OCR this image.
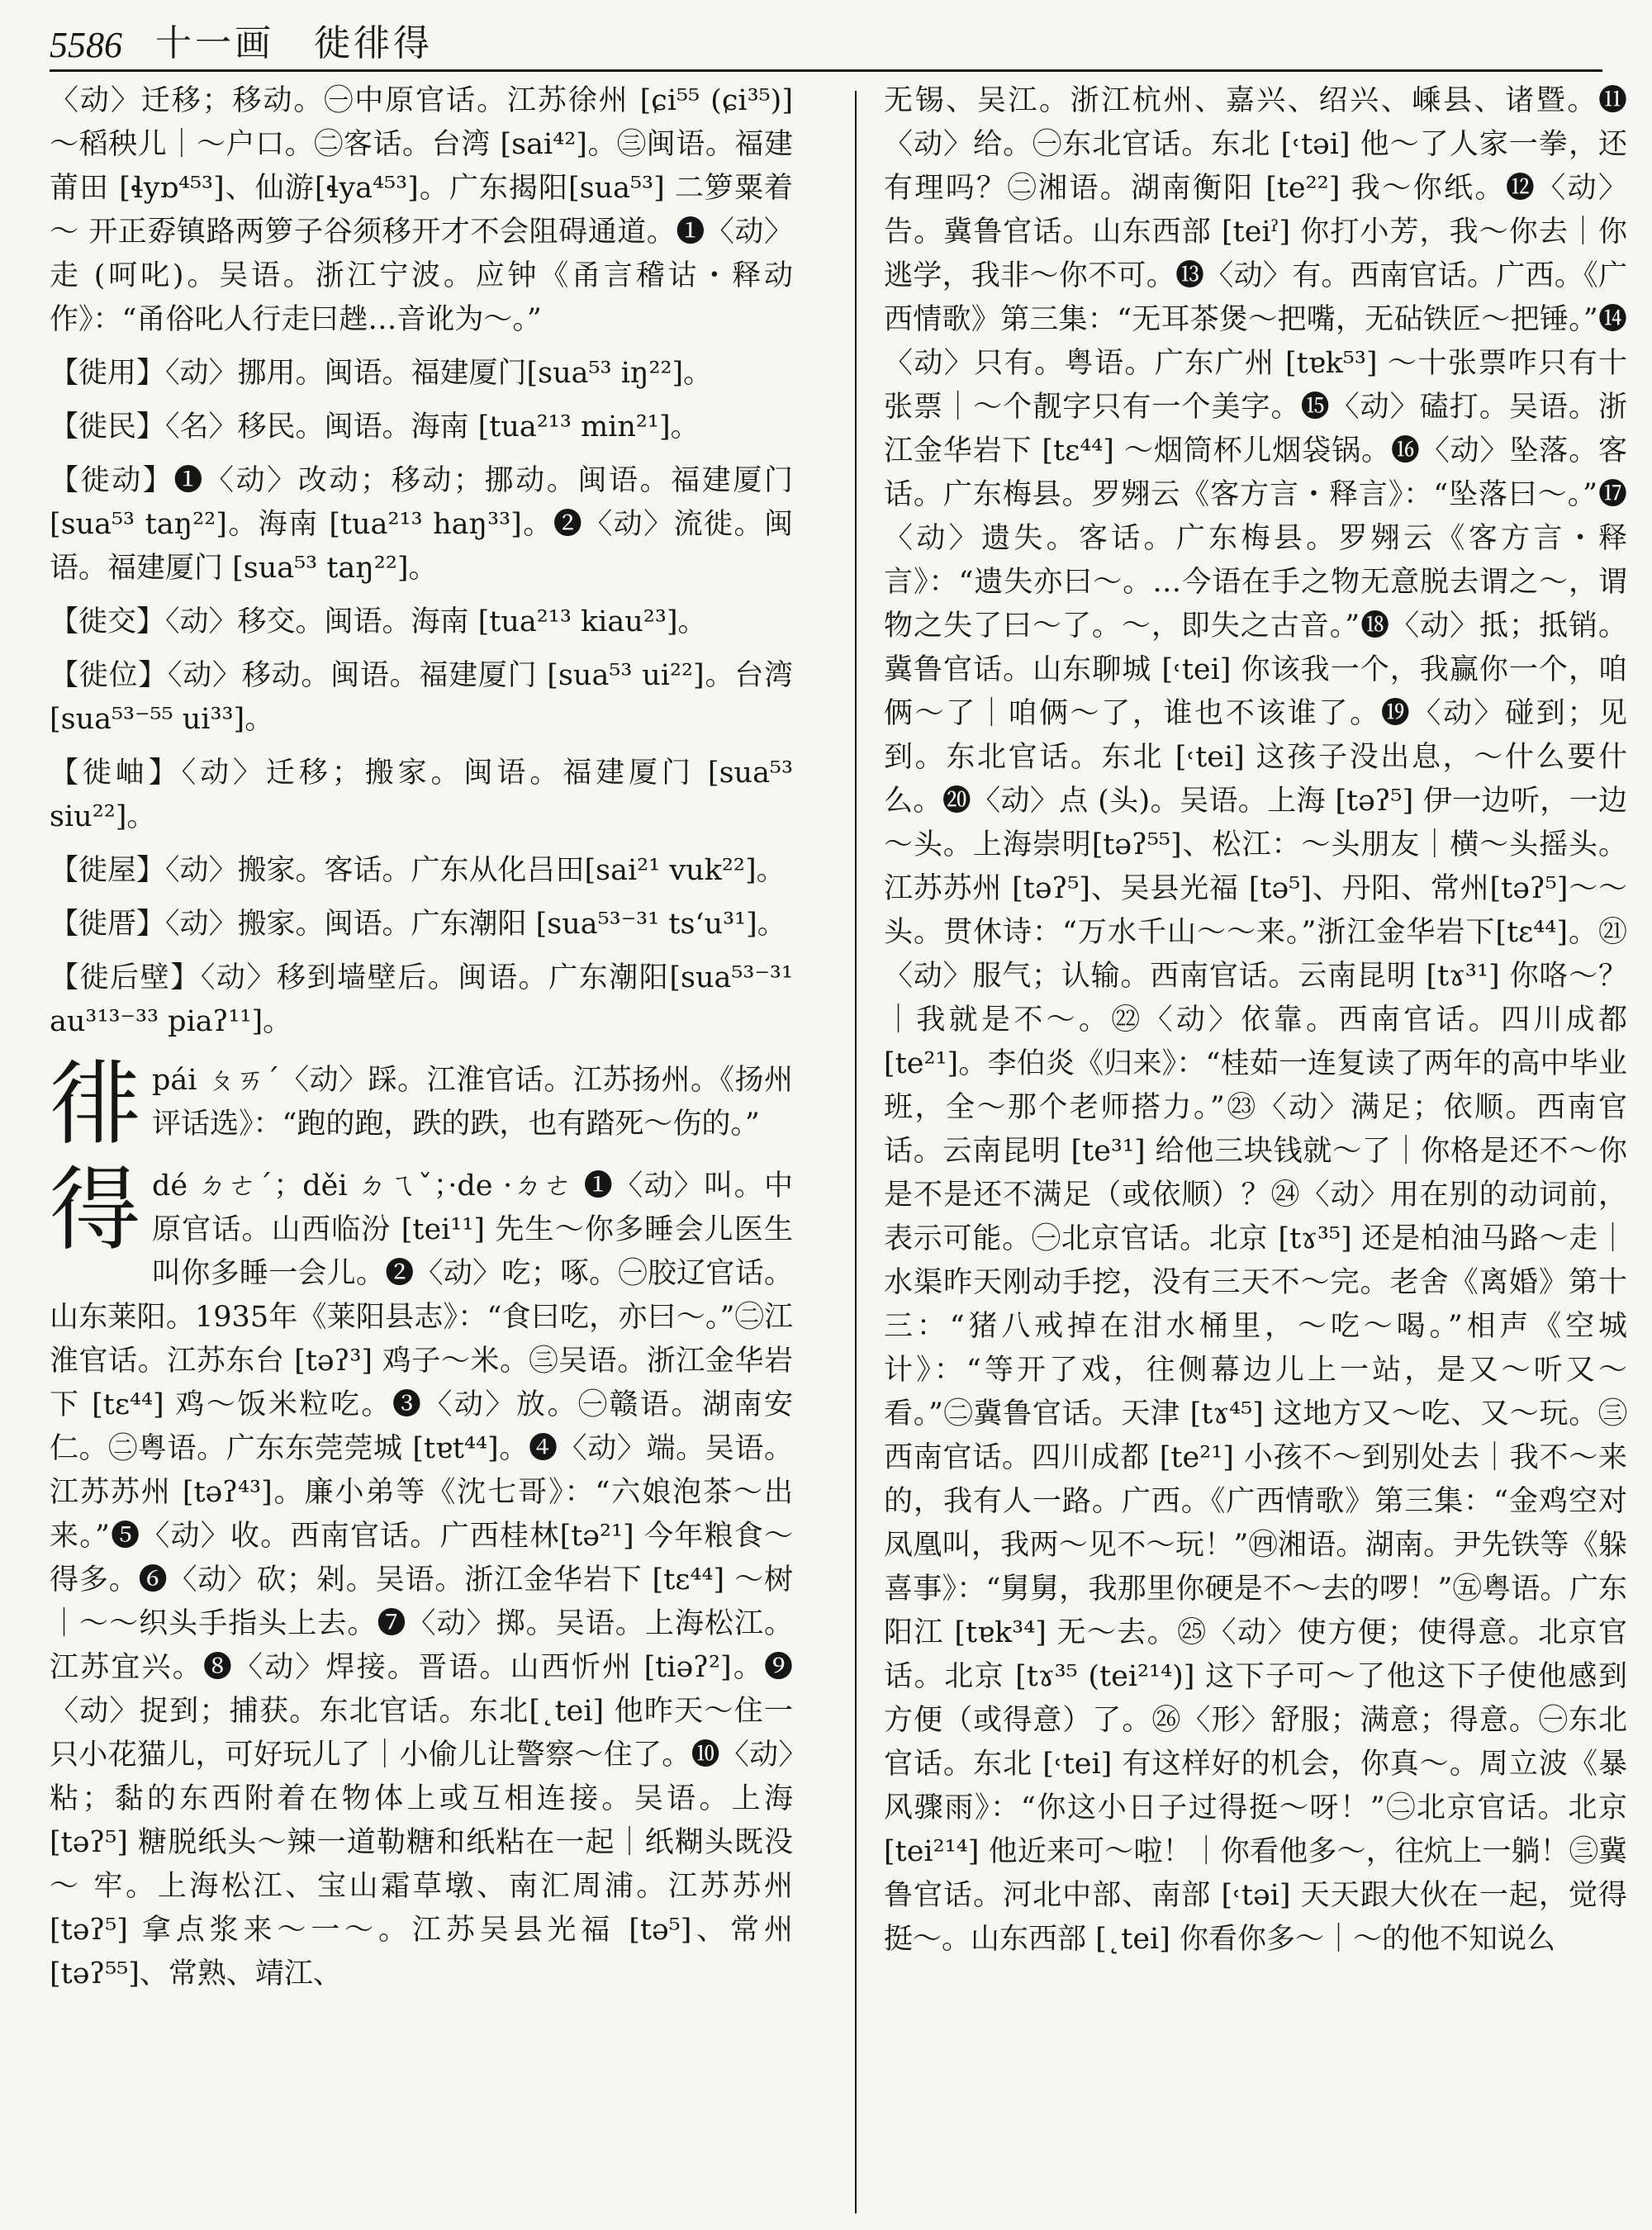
5586 十一画　徙徘得
〈动〉迁移；移动。㊀中原官话。江苏徐州 [ɕi⁵⁵ (ɕi³⁵)] ～稻秧儿｜～户口。㊁客话。台湾 [sai⁴²]。㊂闽语。福建莆田 [ɬyɒ⁴⁵³]、仙游[ɬya⁴⁵³]。广东揭阳[sua⁵³] 二箩粟着～ 开正孬镇路两箩子谷须移开才不会阻碍通道。❶〈动〉走 (呵叱)。吴语。浙江宁波。应钟《甬言稽诂・释动作》：“甬俗叱人行走曰趖…音讹为～。”
【徙用】〈动〉挪用。闽语。福建厦门[sua⁵³ iŋ²²]。
【徙民】〈名〉移民。闽语。海南 [tua²¹³ min²¹]。
【徙动】❶〈动〉改动；移动；挪动。闽语。福建厦门 [sua⁵³ taŋ²²]。海南 [tua²¹³ haŋ³³]。❷〈动〉流徙。闽语。福建厦门 [sua⁵³ taŋ²²]。
【徙交】〈动〉移交。闽语。海南 [tua²¹³ kiau²³]。
【徙位】〈动〉移动。闽语。福建厦门 [sua⁵³ ui²²]。台湾 [sua⁵³⁻⁵⁵ ui³³]。
【徙岫】〈动〉迁移；搬家。闽语。福建厦门 [sua⁵³ siu²²]。
【徙屋】〈动〉搬家。客话。广东从化吕田[sai²¹ vuk²²]。
【徙厝】〈动〉搬家。闽语。广东潮阳 [sua⁵³⁻³¹ tsʻu³¹]。
【徙后壁】〈动〉移到墙壁后。闽语。广东潮阳[sua⁵³⁻³¹ au³¹³⁻³³ piaʔ¹¹]。
徘pái ㄆㄞˊ〈动〉踩。江淮官话。江苏扬州。《扬州评话选》：“跑的跑，跌的跌，也有踏死～伤的。”
得dé ㄉㄜˊ；děi ㄉㄟˇ；·de ·ㄉㄜ ❶〈动〉叫。中原官话。山西临汾 [tei¹¹] 先生～你多睡会儿医生叫你多睡一会儿。❷〈动〉吃；啄。㊀胶辽官话。山东莱阳。1935年《莱阳县志》：“食曰吃，亦曰～。”㊁江淮官话。江苏东台 [təʔ³] 鸡子～米。㊂吴语。浙江金华岩下 [tɛ⁴⁴] 鸡～饭米粒吃。❸〈动〉放。㊀赣语。湖南安仁。㊁粤语。广东东莞莞城 [tɐt⁴⁴]。❹〈动〉端。吴语。江苏苏州 [təʔ⁴³]。廉小弟等《沈七哥》：“六娘泡茶～出来。”❺〈动〉收。西南官话。广西桂林[tə²¹] 今年粮食～得多。❻〈动〉砍；剁。吴语。浙江金华岩下 [tɛ⁴⁴] ～树｜～～织头手指头上去。❼〈动〉掷。吴语。上海松江。江苏宜兴。❽〈动〉焊接。晋语。山西忻州 [tiəʔ²]。❾〈动〉捉到；捕获。东北官话。东北[˛tei] 他昨天～住一只小花猫儿，可好玩儿了｜小偷儿让警察～住了。❿〈动〉粘；黏的东西附着在物体上或互相连接。吴语。上海 [təʔ⁵] 糖脱纸头～辣一道勒糖和纸粘在一起｜纸糊头既没 ～ 牢。上海松江、宝山霜草墩、南汇周浦。江苏苏州 [təʔ⁵] 拿点浆来～一～。江苏吴县光福 [tə⁵]、常州 [təʔ⁵⁵]、常熟、靖江、
无锡、吴江。浙江杭州、嘉兴、绍兴、嵊县、诸暨。⓫〈动〉给。㊀东北官话。东北 [˓təi] 他～了人家一拳，还有理吗？㊁湘语。湖南衡阳 [te²²] 我～你纸。⓬〈动〉告。冀鲁官话。山东西部 [teiˀ] 你打小芳，我～你去｜你逃学，我非～你不可。⓭〈动〉有。西南官话。广西。《广西情歌》第三集：“无耳茶煲～把嘴，无砧铁匠～把锤。”⓮〈动〉只有。粤语。广东广州 [tɐk⁵³] ～十张票咋只有十张票｜～个靓字只有一个美字。⓯〈动〉磕打。吴语。浙江金华岩下 [tɛ⁴⁴] ～烟筒杯儿烟袋锅。⓰〈动〉坠落。客话。广东梅县。罗翙云《客方言・释言》：“坠落曰～。”⓱〈动〉遗失。客话。广东梅县。罗翙云《客方言・释言》：“遗失亦曰～。…今语在手之物无意脱去谓之～，谓物之失了曰～了。～，即失之古音。”⓲〈动〉抵；抵销。冀鲁官话。山东聊城 [˓tei] 你该我一个，我赢你一个，咱俩～了｜咱俩～了，谁也不该谁了。⓳〈动〉碰到；见到。东北官话。东北 [˓tei] 这孩子没出息，～什么要什么。⓴〈动〉点 (头)。吴语。上海 [təʔ⁵] 伊一边听，一边～头。上海崇明[təʔ⁵⁵]、松江：～头朋友｜横～头摇头。江苏苏州 [təʔ⁵]、吴县光福 [tə⁵]、丹阳、常州[təʔ⁵]～～头。贯休诗：“万水千山～～来。”浙江金华岩下[tɛ⁴⁴]。㉑〈动〉服气；认输。西南官话。云南昆明 [tɤ³¹] 你咯～？｜我就是不～。㉒〈动〉依靠。西南官话。四川成都 [te²¹]。李伯炎《归来》：“桂茹一连复读了两年的高中毕业班，全～那个老师搭力。”㉓〈动〉满足；依顺。西南官话。云南昆明 [te³¹] 给他三块钱就～了｜你格是还不～你是不是还不满足（或依顺）？㉔〈动〉用在别的动词前，表示可能。㊀北京官话。北京 [tɤ³⁵] 还是柏油马路～走｜水渠昨天刚动手挖，没有三天不～完。老舍《离婚》第十三：“猪八戒掉在泔水桶里，～吃～喝。”相声《空城计》：“等开了戏，往侧幕边儿上一站，是又～听又～看。”㊁冀鲁官话。天津 [tɤ⁴⁵] 这地方又～吃、又～玩。㊂西南官话。四川成都 [te²¹] 小孩不～到别处去｜我不～来的，我有人一路。广西。《广西情歌》第三集：“金鸡空对凤凰叫，我两～见不～玩！”㊃湘语。湖南。尹先铁等《躲喜事》：“舅舅，我那里你硬是不～去的啰！”㊄粤语。广东阳江 [tɐk³⁴] 无～去。㉕〈动〉使方便；使得意。北京官话。北京 [tɤ³⁵ (tei²¹⁴)] 这下子可～了他这下子使他感到方便（或得意）了。㉖〈形〉舒服；满意；得意。㊀东北官话。东北 [˓tei] 有这样好的机会，你真～。周立波《暴风骤雨》：“你这小日子过得挺～呀！”㊁北京官话。北京 [tei²¹⁴] 他近来可～啦！｜你看他多～，往炕上一躺！㊂冀鲁官话。河北中部、南部 [˓təi] 天天跟大伙在一起，觉得挺～。山东西部 [˛tei] 你看你多～｜～的他不知说么
